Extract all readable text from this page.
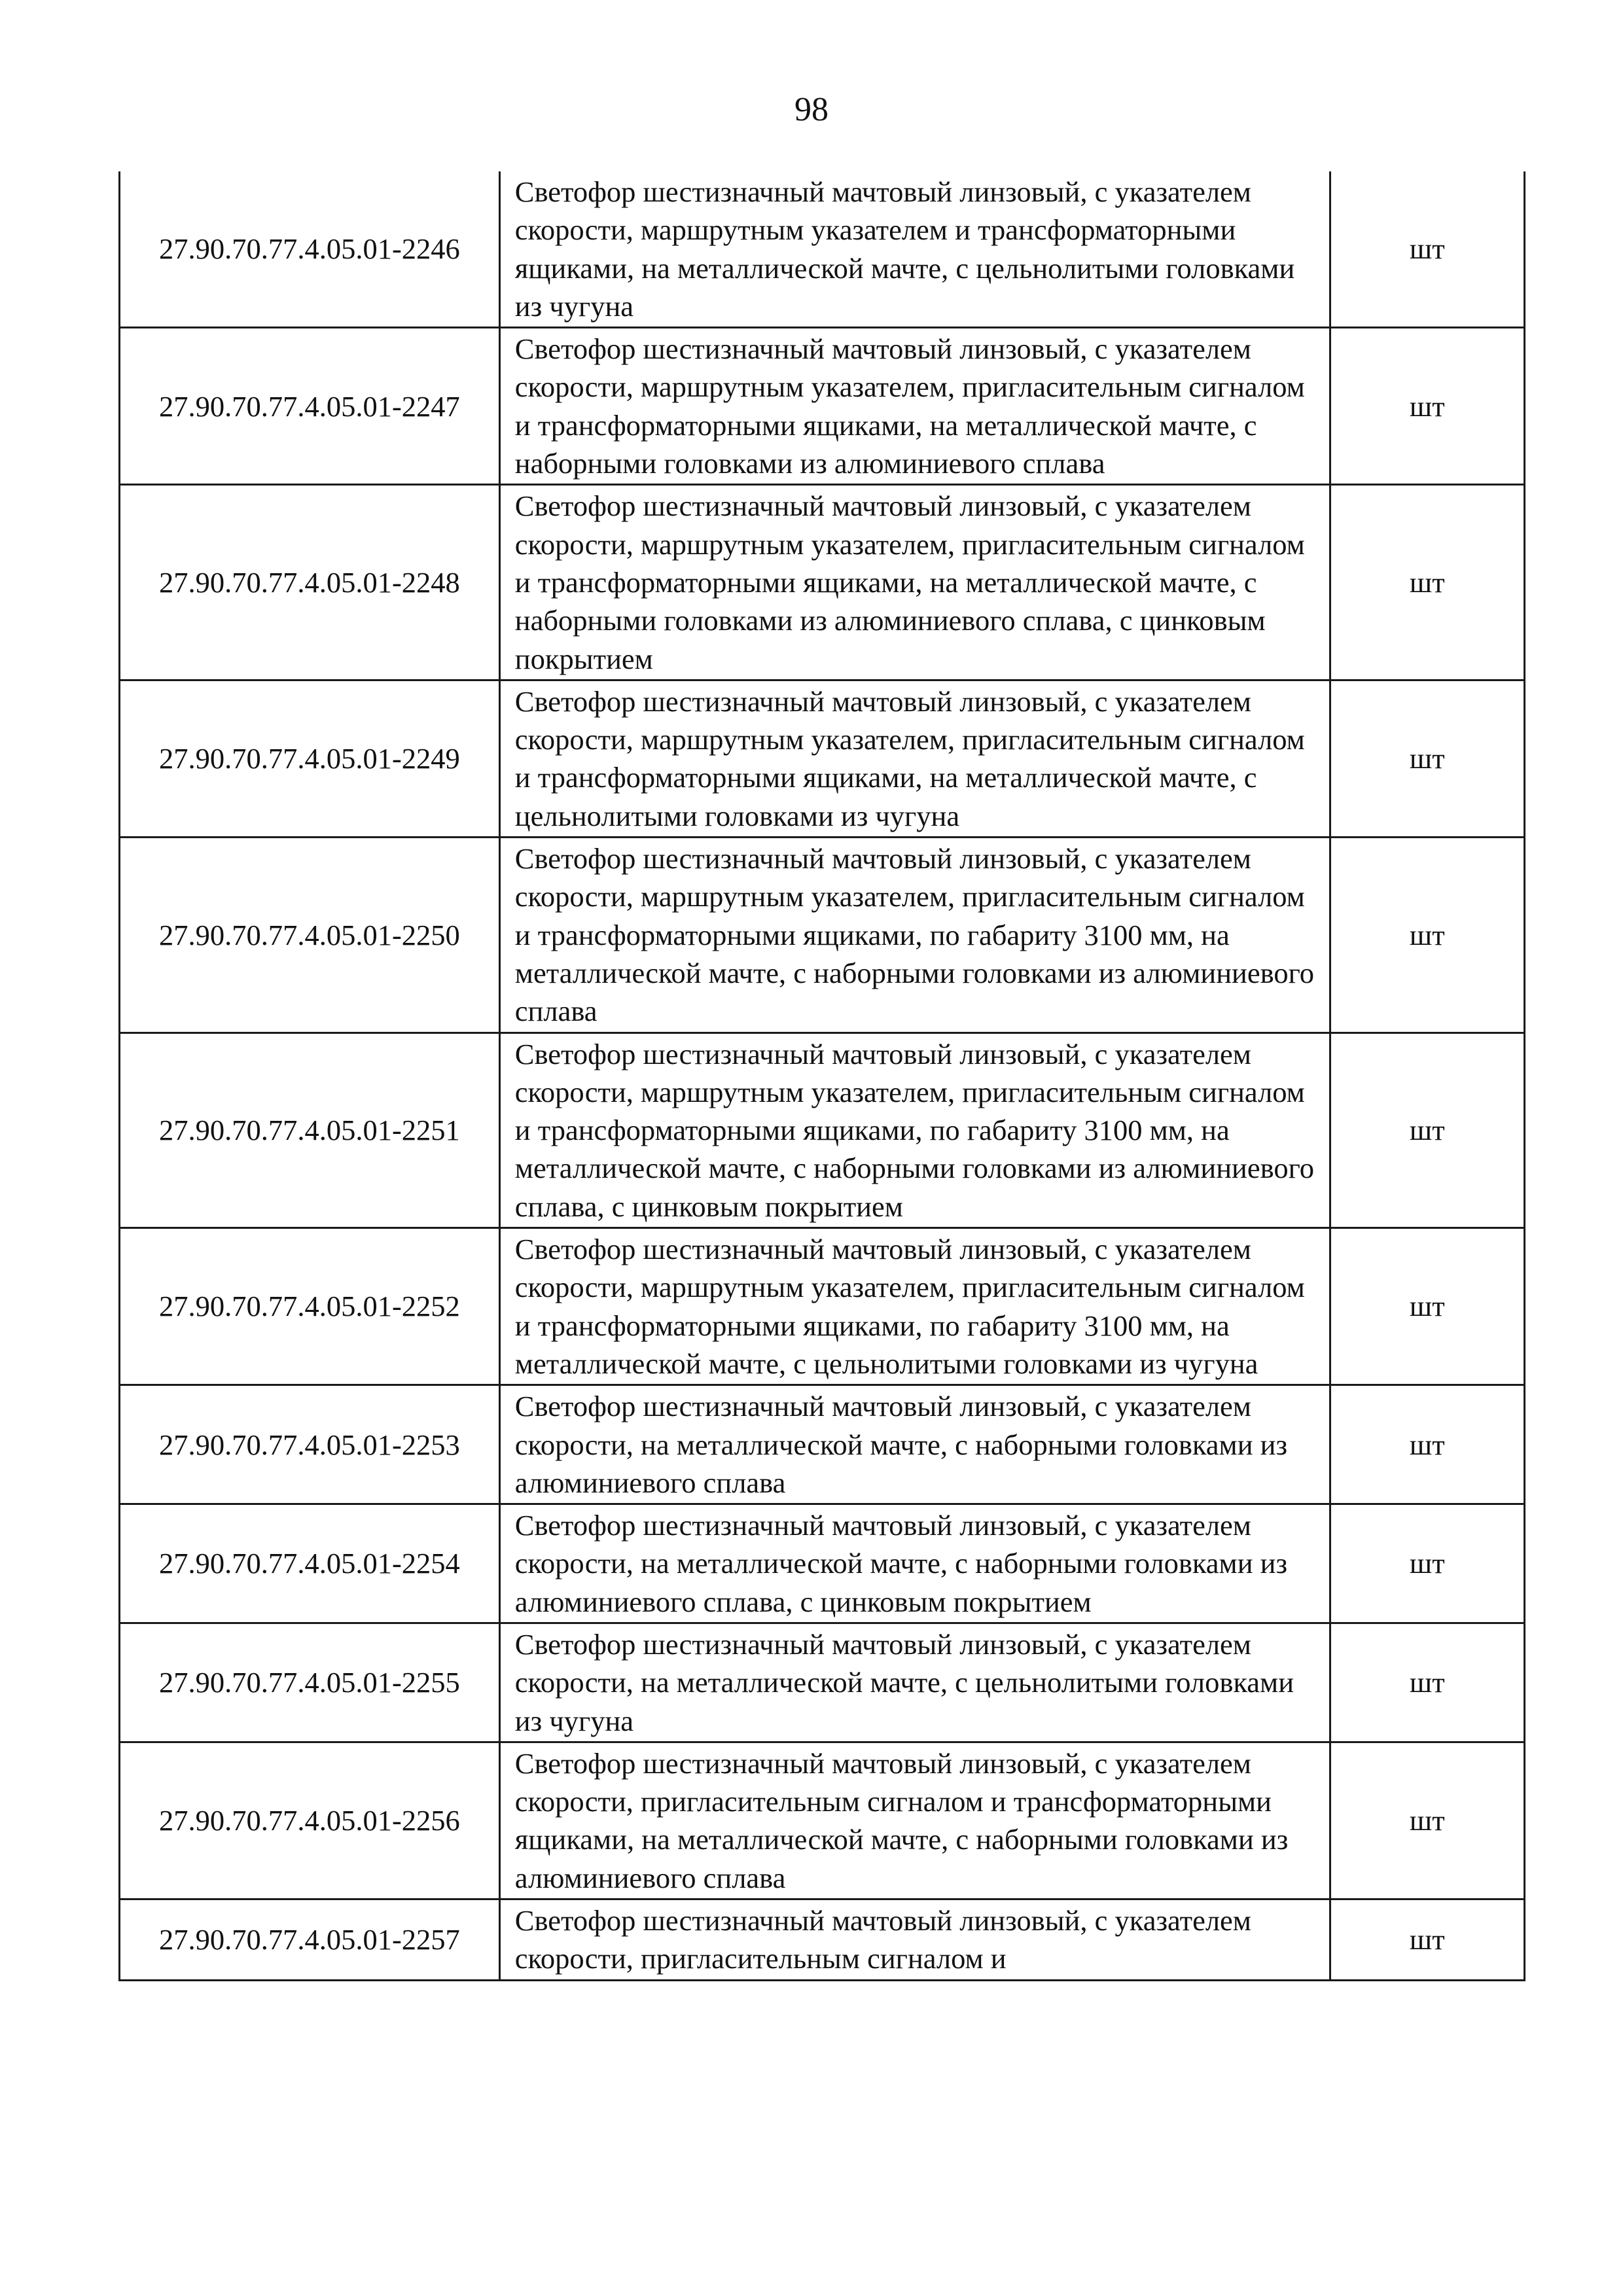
98
27.90.70.77.4.05.01-2246	Светофор шестизначный мачтовый линзовый, с указателем скорости, маршрутным указателем и трансформаторными ящиками, на металлической мачте, с цельнолитыми головками из чугуна	шт
27.90.70.77.4.05.01-2247	Светофор шестизначный мачтовый линзовый, с указателем скорости, маршрутным указателем, пригласительным сигналом и трансформаторными ящиками, на металлической мачте, с наборными головками из алюминиевого сплава	шт
27.90.70.77.4.05.01-2248	Светофор шестизначный мачтовый линзовый, с указателем скорости, маршрутным указателем, пригласительным сигналом и трансформаторными ящиками, на металлической мачте, с наборными головками из алюминиевого сплава, с цинковым покрытием	шт
27.90.70.77.4.05.01-2249	Светофор шестизначный мачтовый линзовый, с указателем скорости, маршрутным указателем, пригласительным сигналом и трансформаторными ящиками, на металлической мачте, с цельнолитыми головками из чугуна	шт
27.90.70.77.4.05.01-2250	Светофор шестизначный мачтовый линзовый, с указателем скорости, маршрутным указателем, пригласительным сигналом и трансформаторными ящиками, по габариту 3100 мм, на металлической мачте, с наборными головками из алюминиевого сплава	шт
27.90.70.77.4.05.01-2251	Светофор шестизначный мачтовый линзовый, с указателем скорости, маршрутным указателем, пригласительным сигналом и трансформаторными ящиками, по габариту 3100 мм, на металлической мачте, с наборными головками из алюминиевого сплава, с цинковым покрытием	шт
27.90.70.77.4.05.01-2252	Светофор шестизначный мачтовый линзовый, с указателем скорости, маршрутным указателем, пригласительным сигналом и трансформаторными ящиками, по габариту 3100 мм, на металлической мачте, с цельнолитыми головками из чугуна	шт
27.90.70.77.4.05.01-2253	Светофор шестизначный мачтовый линзовый, с указателем скорости, на металлической мачте, с наборными головками из алюминиевого сплава	шт
27.90.70.77.4.05.01-2254	Светофор шестизначный мачтовый линзовый, с указателем скорости, на металлической мачте, с наборными головками из алюминиевого сплава, с цинковым покрытием	шт
27.90.70.77.4.05.01-2255	Светофор шестизначный мачтовый линзовый, с указателем скорости, на металлической мачте, с цельнолитыми головками из чугуна	шт
27.90.70.77.4.05.01-2256	Светофор шестизначный мачтовый линзовый, с указателем скорости, пригласительным сигналом и трансформаторными ящиками, на металлической мачте, с наборными головками из алюминиевого сплава	шт
27.90.70.77.4.05.01-2257	Светофор шестизначный мачтовый линзовый, с указателем скорости, пригласительным сигналом и	шт
